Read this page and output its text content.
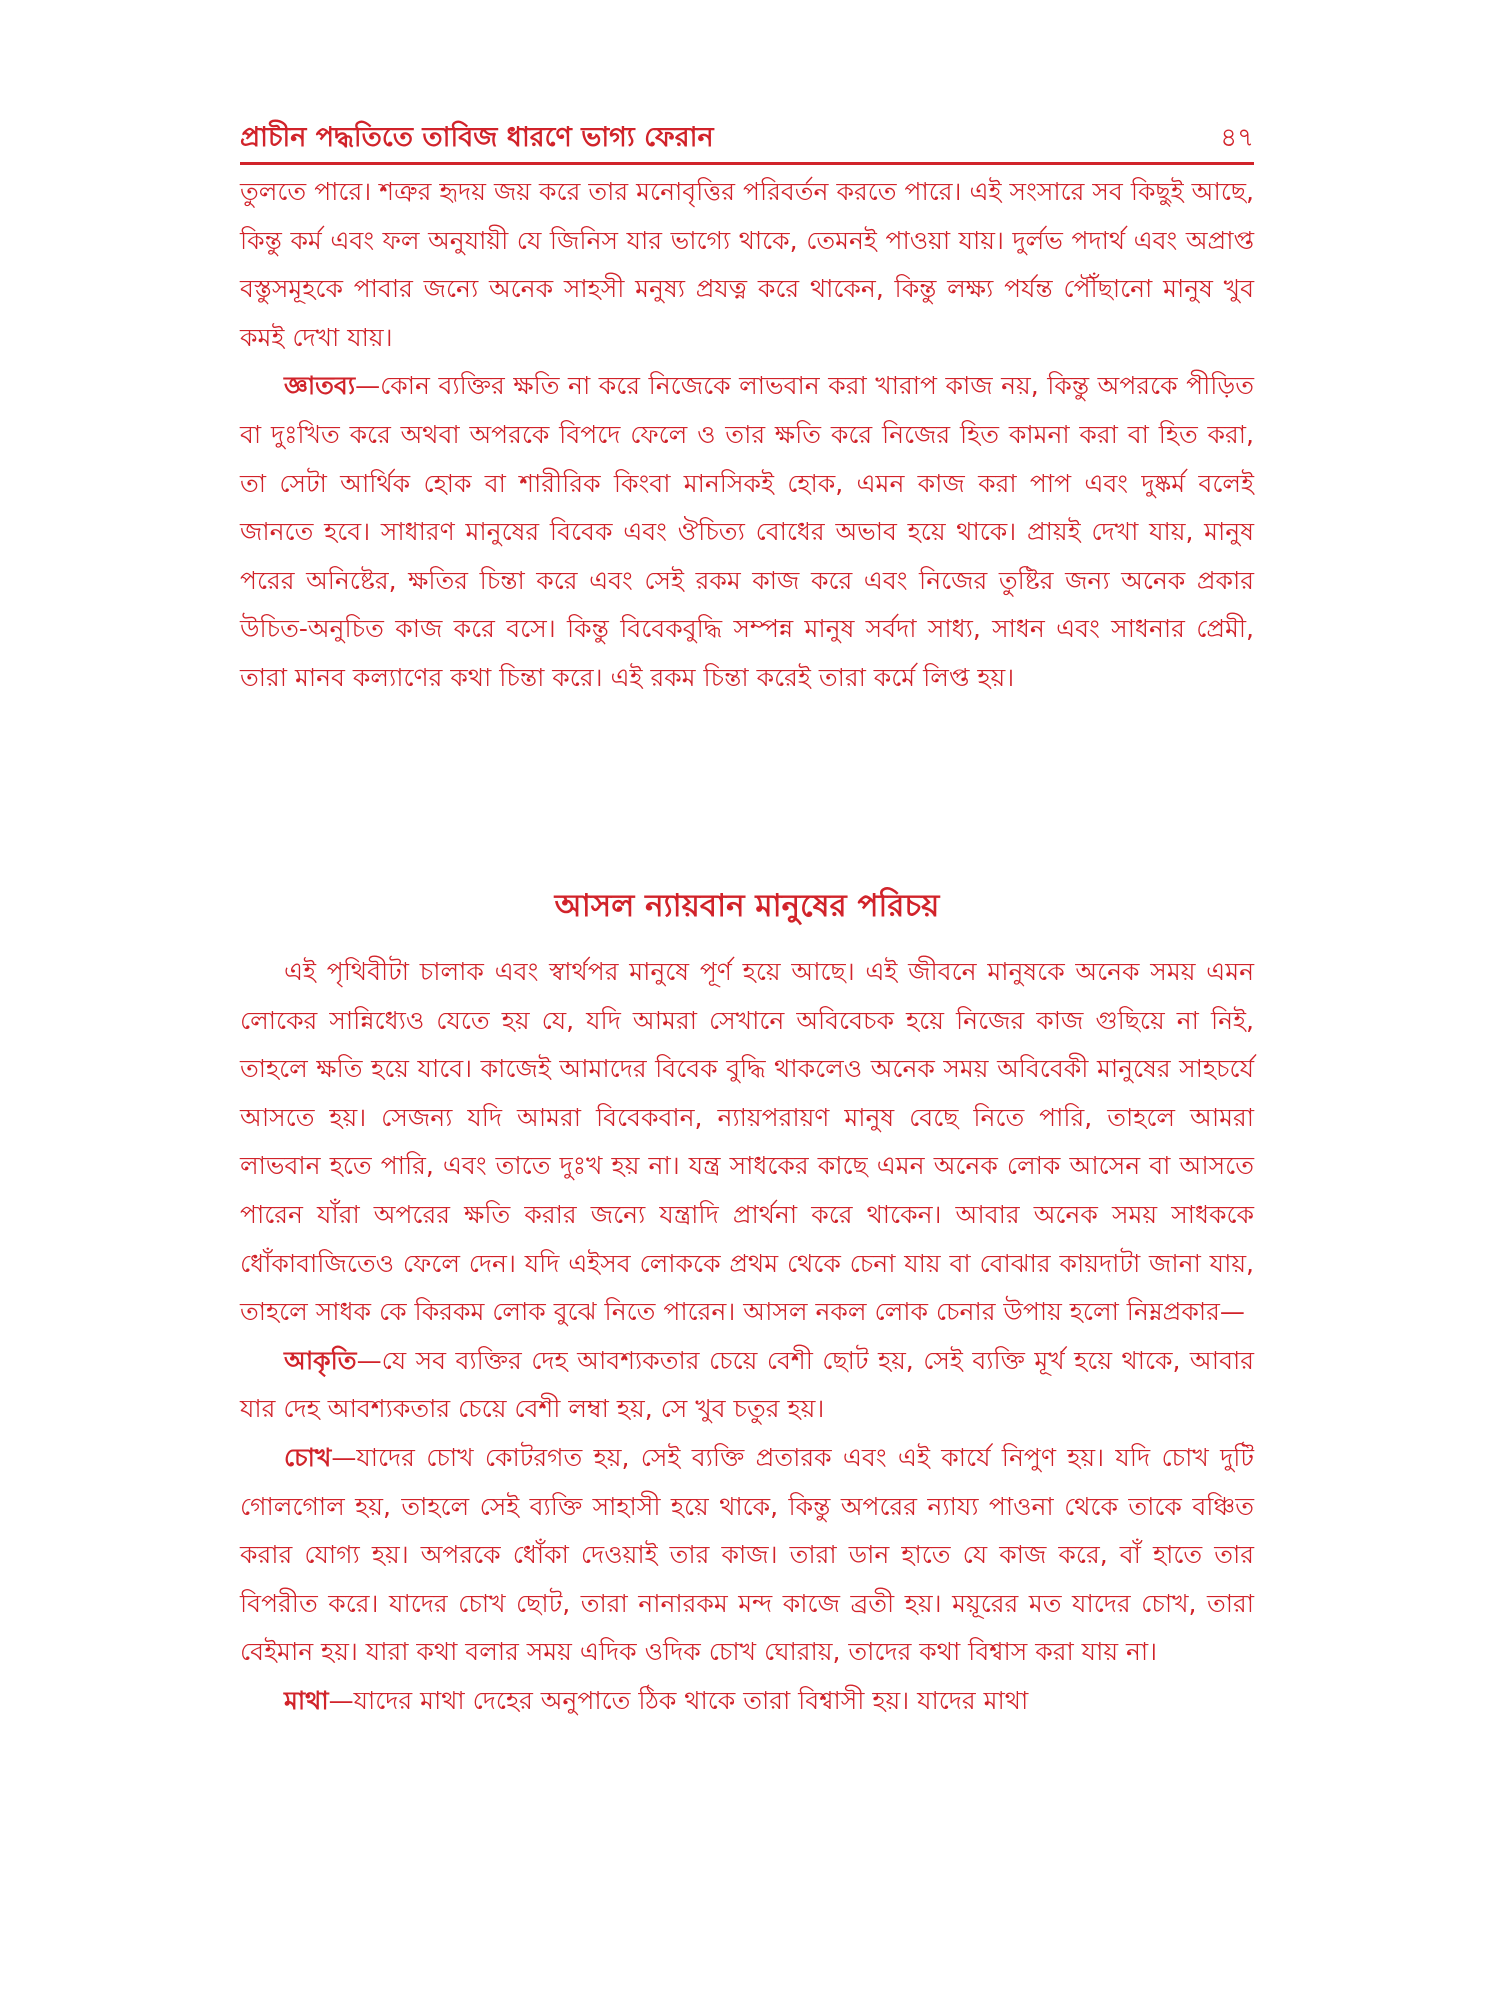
প্রাচীন পদ্ধতিতে তাবিজ ধারণে ভাগ্য ফেরান	৪৭

তুলতে পারে। শত্রুর হৃদয় জয় করে তার মনোবৃত্তির পরিবর্তন করতে পারে। এই সংসারে সব কিছুই আছে, কিন্তু কর্ম এবং ফল অনুযায়ী যে জিনিস যার ভাগ্যে থাকে, তেমনই পাওয়া যায়। দুর্লভ পদার্থ এবং অপ্রাপ্ত বস্তুসমূহকে পাবার জন্যে অনেক সাহসী মনুষ্য প্রযত্ন করে থাকেন, কিন্তু লক্ষ্য পর্যন্ত পৌঁছানো মানুষ খুব কমই দেখা যায়।

জ্ঞাতব্য—কোন ব্যক্তির ক্ষতি না করে নিজেকে লাভবান করা খারাপ কাজ নয়, কিন্তু অপরকে পীড়িত বা দুঃখিত করে অথবা অপরকে বিপদে ফেলে ও তার ক্ষতি করে নিজের হিত কামনা করা বা হিত করা, তা সেটা আর্থিক হোক বা শারীরিক কিংবা মানসিকই হোক, এমন কাজ করা পাপ এবং দুষ্কর্ম বলেই জানতে হবে। সাধারণ মানুষের বিবেক এবং ঔচিত্য বোধের অভাব হয়ে থাকে। প্রায়ই দেখা যায়, মানুষ পরের অনিষ্টের, ক্ষতির চিন্তা করে এবং সেই রকম কাজ করে এবং নিজের তুষ্টির জন্য অনেক প্রকার উচিত-অনুচিত কাজ করে বসে। কিন্তু বিবেকবুদ্ধি সম্পন্ন মানুষ সর্বদা সাধ্য, সাধন এবং সাধনার প্রেমী, তারা মানব কল্যাণের কথা চিন্তা করে। এই রকম চিন্তা করেই তারা কর্মে লিপ্ত হয়।

আসল ন্যায়বান মানুষের পরিচয়

এই পৃথিবীটা চালাক এবং স্বার্থপর মানুষে পূর্ণ হয়ে আছে। এই জীবনে মানুষকে অনেক সময় এমন লোকের সান্নিধ্যেও যেতে হয় যে, যদি আমরা সেখানে অবিবেচক হয়ে নিজের কাজ গুছিয়ে না নিই, তাহলে ক্ষতি হয়ে যাবে। কাজেই আমাদের বিবেক বুদ্ধি থাকলেও অনেক সময় অবিবেকী মানুষের সাহচর্যে আসতে হয়। সেজন্য যদি আমরা বিবেকবান, ন্যায়পরায়ণ মানুষ বেছে নিতে পারি, তাহলে আমরা লাভবান হতে পারি, এবং তাতে দুঃখ হয় না। যন্ত্র সাধকের কাছে এমন অনেক লোক আসেন বা আসতে পারেন যাঁরা অপরের ক্ষতি করার জন্যে যন্ত্রাদি প্রার্থনা করে থাকেন। আবার অনেক সময় সাধককে ধোঁকাবাজিতেও ফেলে দেন। যদি এইসব লোককে প্রথম থেকে চেনা যায় বা বোঝার কায়দাটা জানা যায়, তাহলে সাধক কে কিরকম লোক বুঝে নিতে পারেন। আসল নকল লোক চেনার উপায় হলো নিম্নপ্রকার—

আকৃতি—যে সব ব্যক্তির দেহ আবশ্যকতার চেয়ে বেশী ছোট হয়, সেই ব্যক্তি মূর্খ হয়ে থাকে, আবার যার দেহ আবশ্যকতার চেয়ে বেশী লম্বা হয়, সে খুব চতুর হয়।

চোখ—যাদের চোখ কোটরগত হয়, সেই ব্যক্তি প্রতারক এবং এই কার্যে নিপুণ হয়। যদি চোখ দুটি গোলগোল হয়, তাহলে সেই ব্যক্তি সাহাসী হয়ে থাকে, কিন্তু অপরের ন্যায্য পাওনা থেকে তাকে বঞ্চিত করার যোগ্য হয়। অপরকে ধোঁকা দেওয়াই তার কাজ। তারা ডান হাতে যে কাজ করে, বাঁ হাতে তার বিপরীত করে। যাদের চোখ ছোট, তারা নানারকম মন্দ কাজে ব্রতী হয়। ময়ূরের মত যাদের চোখ, তারা বেইমান হয়। যারা কথা বলার সময় এদিক ওদিক চোখ ঘোরায়, তাদের কথা বিশ্বাস করা যায় না।

মাথা—যাদের মাথা দেহের অনুপাতে ঠিক থাকে তারা বিশ্বাসী হয়। যাদের মাথা
